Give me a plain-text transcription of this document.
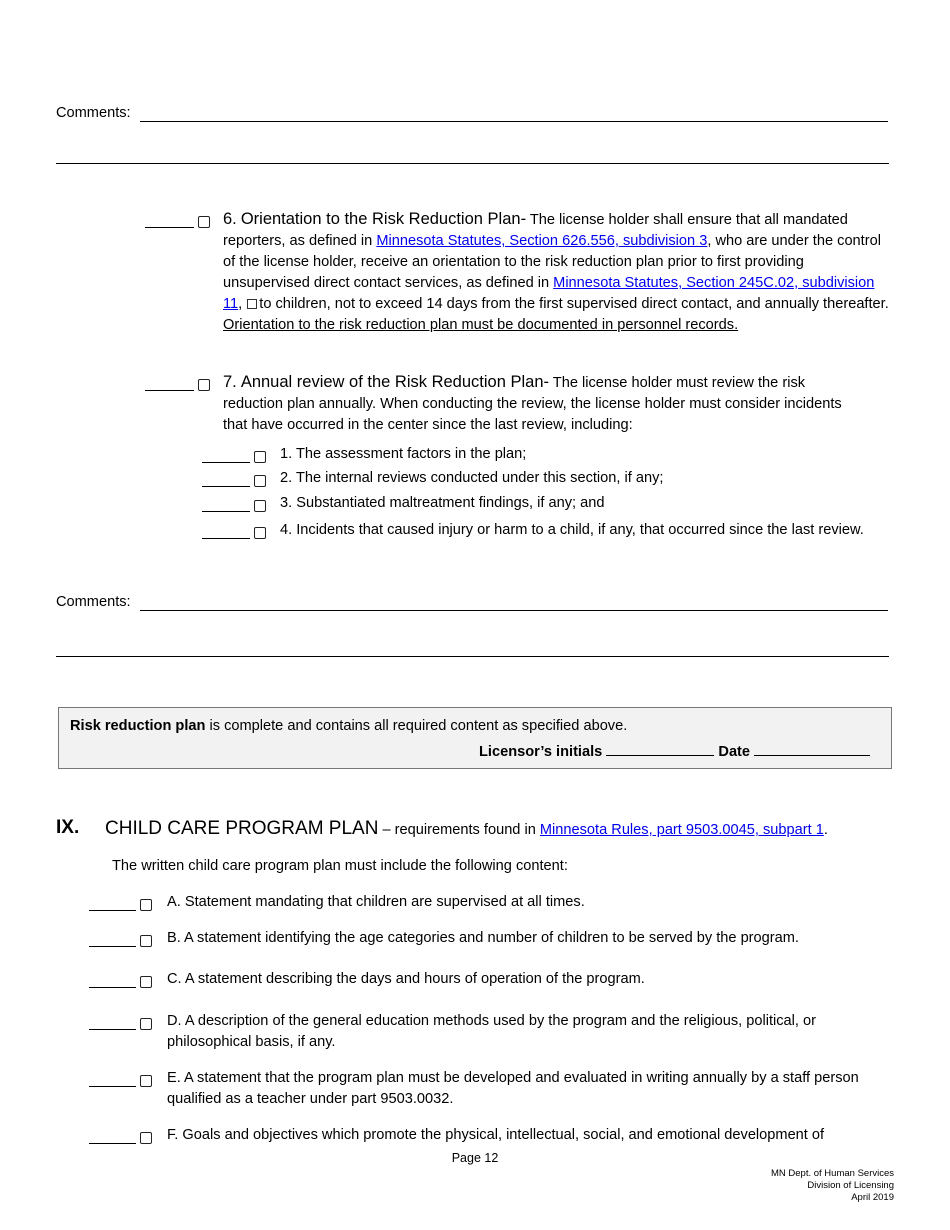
Comments:

6. Orientation to the Risk Reduction Plan- The license holder shall ensure that all mandated reporters, as defined in Minnesota Statutes, Section 626.556, subdivision 3, who are under the control of the license holder, receive an orientation to the risk reduction plan prior to first providing unsupervised direct contact services, as defined in Minnesota Statutes, Section 245C.02, subdivision 11, to children, not to exceed 14 days from the first supervised direct contact, and annually thereafter. Orientation to the risk reduction plan must be documented in personnel records.

7. Annual review of the Risk Reduction Plan- The license holder must review the risk reduction plan annually. When conducting the review, the license holder must consider incidents that have occurred in the center since the last review, including:

1. The assessment factors in the plan;

2. The internal reviews conducted under this section, if any;

3. Substantiated maltreatment findings, if any; and

4. Incidents that caused injury or harm to a child, if any, that occurred since the last review.
Comments:
Risk reduction plan is complete and contains all required content as specified above.
Licensor’s initials	Date
IX. CHILD CARE PROGRAM PLAN – requirements found in Minnesota Rules, part 9503.0045, subpart 1.
The written child care program plan must include the following content:

A. Statement mandating that children are supervised at all times.

B. A statement identifying the age categories and number of children to be served by the program.

C. A statement describing the days and hours of operation of the program.

D. A description of the general education methods used by the program and the religious, political, or philosophical basis, if any.

E. A statement that the program plan must be developed and evaluated in writing annually by a staff person qualified as a teacher under part 9503.0032.

F. Goals and objectives which promote the physical, intellectual, social, and emotional development of
Page 12
MN Dept. of Human Services
Division of Licensing
April 2019
